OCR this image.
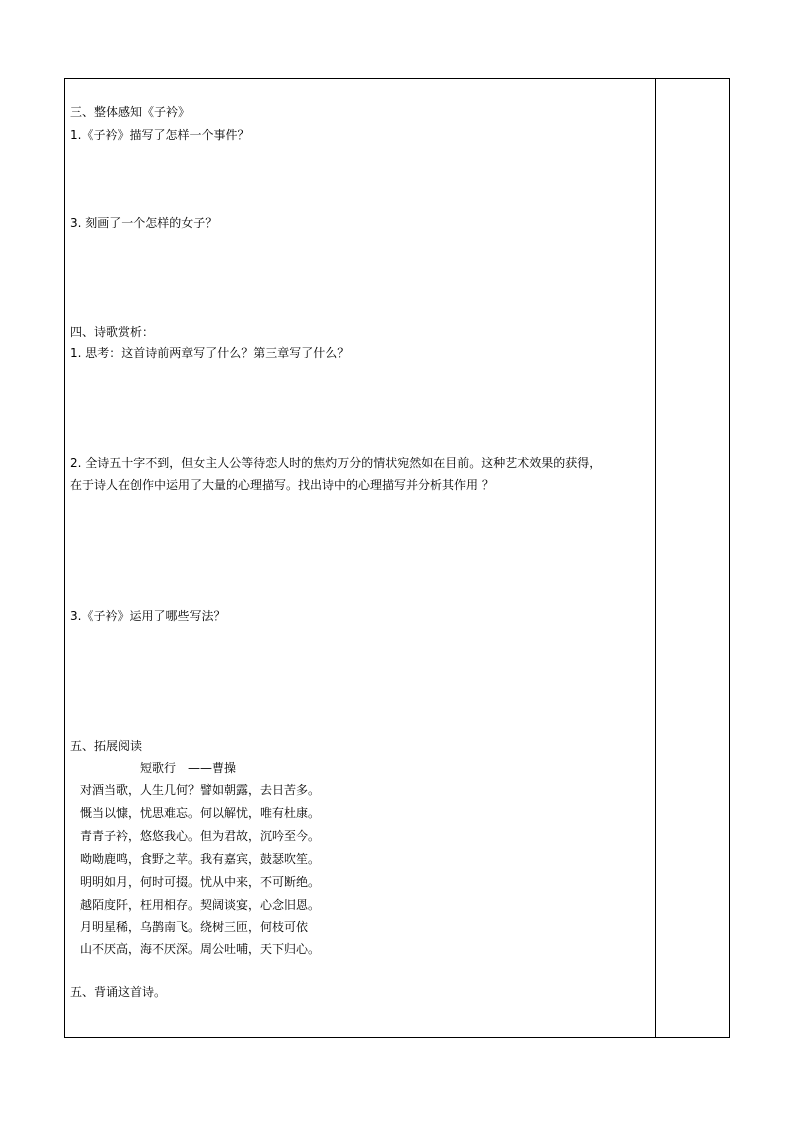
三、整体感知《子衿》
1.《子衿》描写了怎样一个事件？
3. 刻画了一个怎样的女子？
四、诗歌赏析：
1. 思考：这首诗前两章写了什么？第三章写了什么？
2. 全诗五十字不到，但女主人公等待恋人时的焦灼万分的情状宛然如在目前。这种艺术效果的获得，
在于诗人在创作中运用了大量的心理描写。找出诗中的心理描写并分析其作用 ？
3.《子衿》运用了哪些写法？
五、拓展阅读
短歌行　——曹操
对酒当歌，人生几何？譬如朝露，去日苦多。
慨当以慷，忧思难忘。何以解忧，唯有杜康。
青青子衿，悠悠我心。但为君故，沉吟至今。
呦呦鹿鸣，食野之苹。我有嘉宾，鼓瑟吹笙。
明明如月，何时可掇。忧从中来，不可断绝。
越陌度阡，枉用相存。契阔谈宴，心念旧恩。
月明星稀，乌鹊南飞。绕树三匝，何枝可依
山不厌高，海不厌深。周公吐哺，天下归心。
五、背诵这首诗。
